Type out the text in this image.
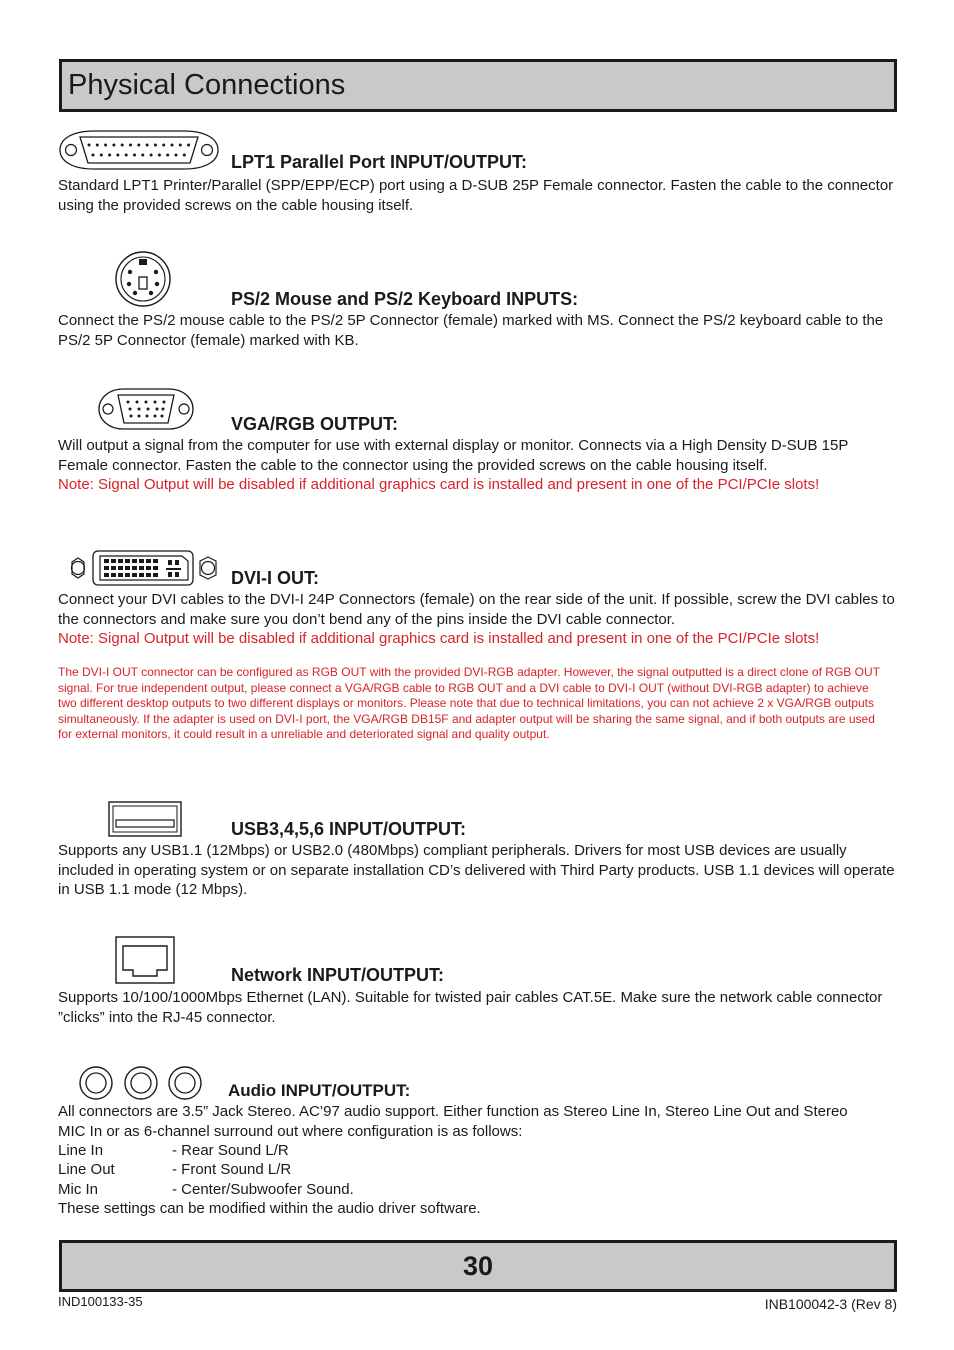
Physical Connections
LPT1 Parallel Port INPUT/OUTPUT:

Standard LPT1 Printer/Parallel (SPP/EPP/ECP) port using a D-SUB 25P Female connector. Fasten the cable to the connector using the provided screws on the cable housing itself.

PS/2 Mouse and PS/2 Keyboard INPUTS:

Connect the PS/2 mouse cable to the PS/2 5P Connector (female) marked with MS. Connect the PS/2 keyboard cable to the PS/2 5P Connector (female) marked with KB.

VGA/RGB OUTPUT:

Will output a signal from the computer for use with external display or monitor. Connects via a High Density D-SUB 15P Female connector. Fasten the cable to the connector using the provided screws on the cable housing itself.

Note: Signal Output will be disabled if additional graphics card is installed and present in one of the PCI/PCIe slots!

DVI-I OUT:

Connect your DVI cables to the DVI-I 24P Connectors (female) on the rear side of the unit. If possible, screw the DVI cables to the connectors and make sure you don’t bend any of the pins inside the DVI cable connector.

Note: Signal Output will be disabled if additional graphics card is installed and present in one of the PCI/PCIe slots!

The DVI-I OUT connector can be configured as RGB OUT with the provided DVI-RGB adapter. However, the signal outputted is a direct clone of RGB OUT signal. For true independent output, please connect a VGA/RGB cable to RGB OUT and a DVI cable to DVI-I OUT (without DVI-RGB adapter) to achieve two different desktop outputs to two different displays or monitors. Please note that due to technical limitations, you can not achieve 2 x VGA/RGB outputs simultaneously. If the adapter is used on DVI-I port, the VGA/RGB DB15F and adapter output will be sharing the same signal, and if both outputs are used for external monitors, it could result in a unreliable and deteriorated signal and quality output.

USB3,4,5,6 INPUT/OUTPUT:

Supports any USB1.1 (12Mbps) or USB2.0 (480Mbps) compliant peripherals. Drivers for most USB devices are usually included in operating system or on separate installation CD’s delivered with Third Party products. USB 1.1 devices will operate in USB 1.1 mode (12 Mbps).

Network INPUT/OUTPUT:

Supports 10/100/1000Mbps Ethernet (LAN). Suitable for twisted pair cables CAT.5E. Make sure the network cable connector ”clicks” into the RJ-45 connector.

Audio INPUT/OUTPUT:

All connectors are 3.5” Jack Stereo. AC’97 audio support. Either function as Stereo Line In, Stereo Line Out and Stereo MIC In or as 6-channel surround out where configuration is as follows:

Line In	- Rear Sound L/R
Line Out	- Front Sound L/R
Mic In	- Center/Subwoofer Sound.
These settings can be modified within the audio driver software.
30
IND100133-35	INB100042-3 (Rev 8)
